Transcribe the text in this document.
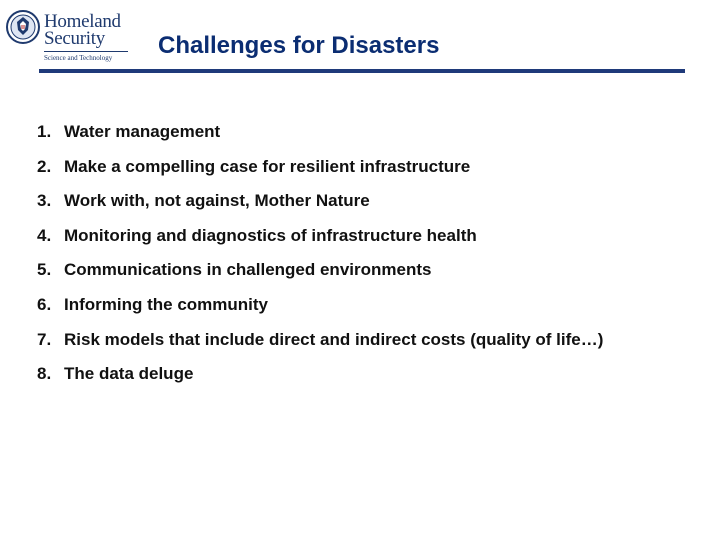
Homeland
Security
Science and Technology Challenges for Disasters
1. Water management
2. Make a compelling case for resilient infrastructure
3. Work with, not against, Mother Nature
4. Monitoring and diagnostics of infrastructure health
5. Communications in challenged environments
6. Informing the community
7. Risk models that include direct and indirect costs (quality of life…)
8. The data deluge
